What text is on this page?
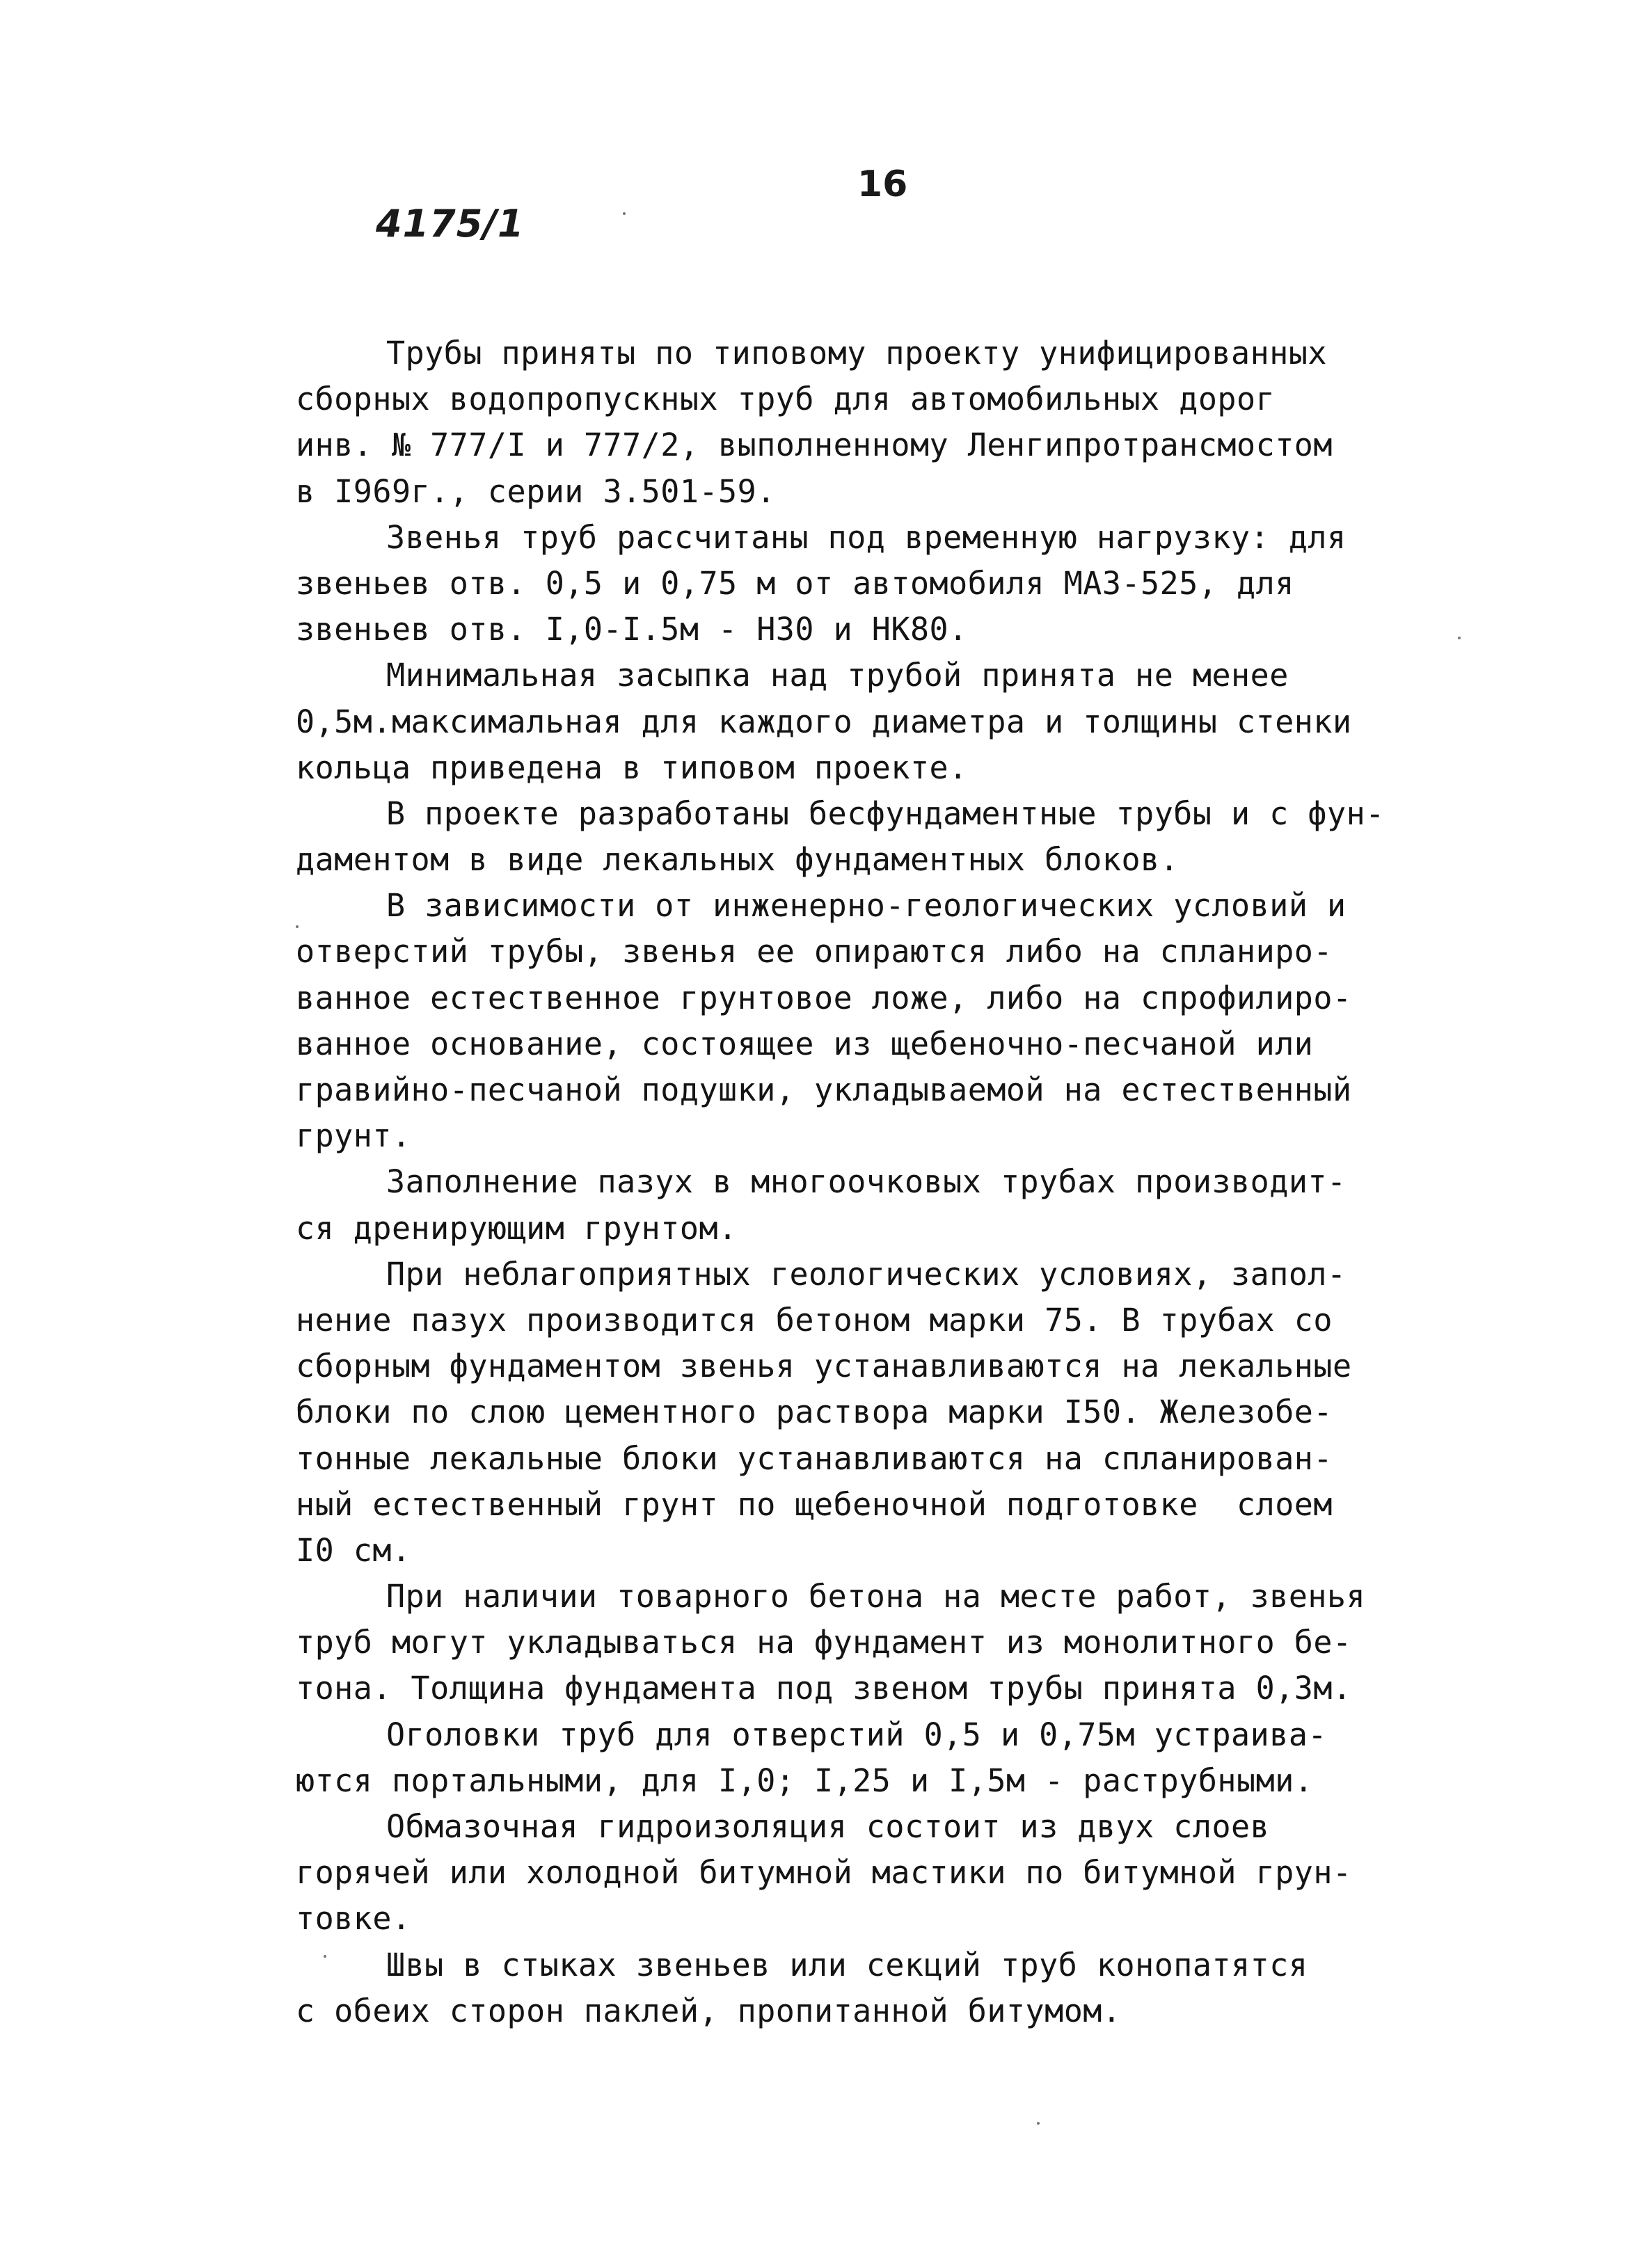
4175/1
16
Трубы приняты по типовому проекту унифицированных
сборных водопропускных труб для автомобильных дорог
инв. № 777/I и 777/2, выполненному Ленгипротрансмостом
в I969г., серии 3.501-59.
Звенья труб рассчитаны под временную нагрузку: для
звеньев отв. 0,5 и 0,75 м от автомобиля МАЗ-525, для
звеньев отв. I,0-I.5м - Н30 и НК80.
Минимальная засыпка над трубой принята не менее
0,5м.максимальная для каждого диаметра и толщины стенки
кольца приведена в типовом проекте.
В проекте разработаны бесфундаментные трубы и с фун-
даментом в виде лекальных фундаментных блоков.
В зависимости от инженерно-геологических условий и
отверстий трубы, звенья ее опираются либо на спланиро-
ванное естественное грунтовое ложе, либо на спрофилиро-
ванное основание, состоящее из щебеночно-песчаной или
гравийно-песчаной подушки, укладываемой на естественный
грунт.
Заполнение пазух в многоочковых трубах производит-
ся дренирующим грунтом.
При неблагоприятных геологических условиях, запол-
нение пазух производится бетоном марки 75. В трубах со
сборным фундаментом звенья устанавливаются на лекальные
блоки по слою цементного раствора марки I50. Железобе-
тонные лекальные блоки устанавливаются на спланирован-
ный естественный грунт по щебеночной подготовке  слоем
I0 см.
При наличии товарного бетона на месте работ, звенья
труб могут укладываться на фундамент из монолитного бе-
тона. Толщина фундамента под звеном трубы принята 0,3м.
Оголовки труб для отверстий 0,5 и 0,75м устраива-
ются портальными, для I,0; I,25 и I,5м - раструбными.
Обмазочная гидроизоляция состоит из двух слоев
горячей или холодной битумной мастики по битумной грун-
товке.
Швы в стыках звеньев или секций труб конопатятся
с обеих сторон паклей, пропитанной битумом.
